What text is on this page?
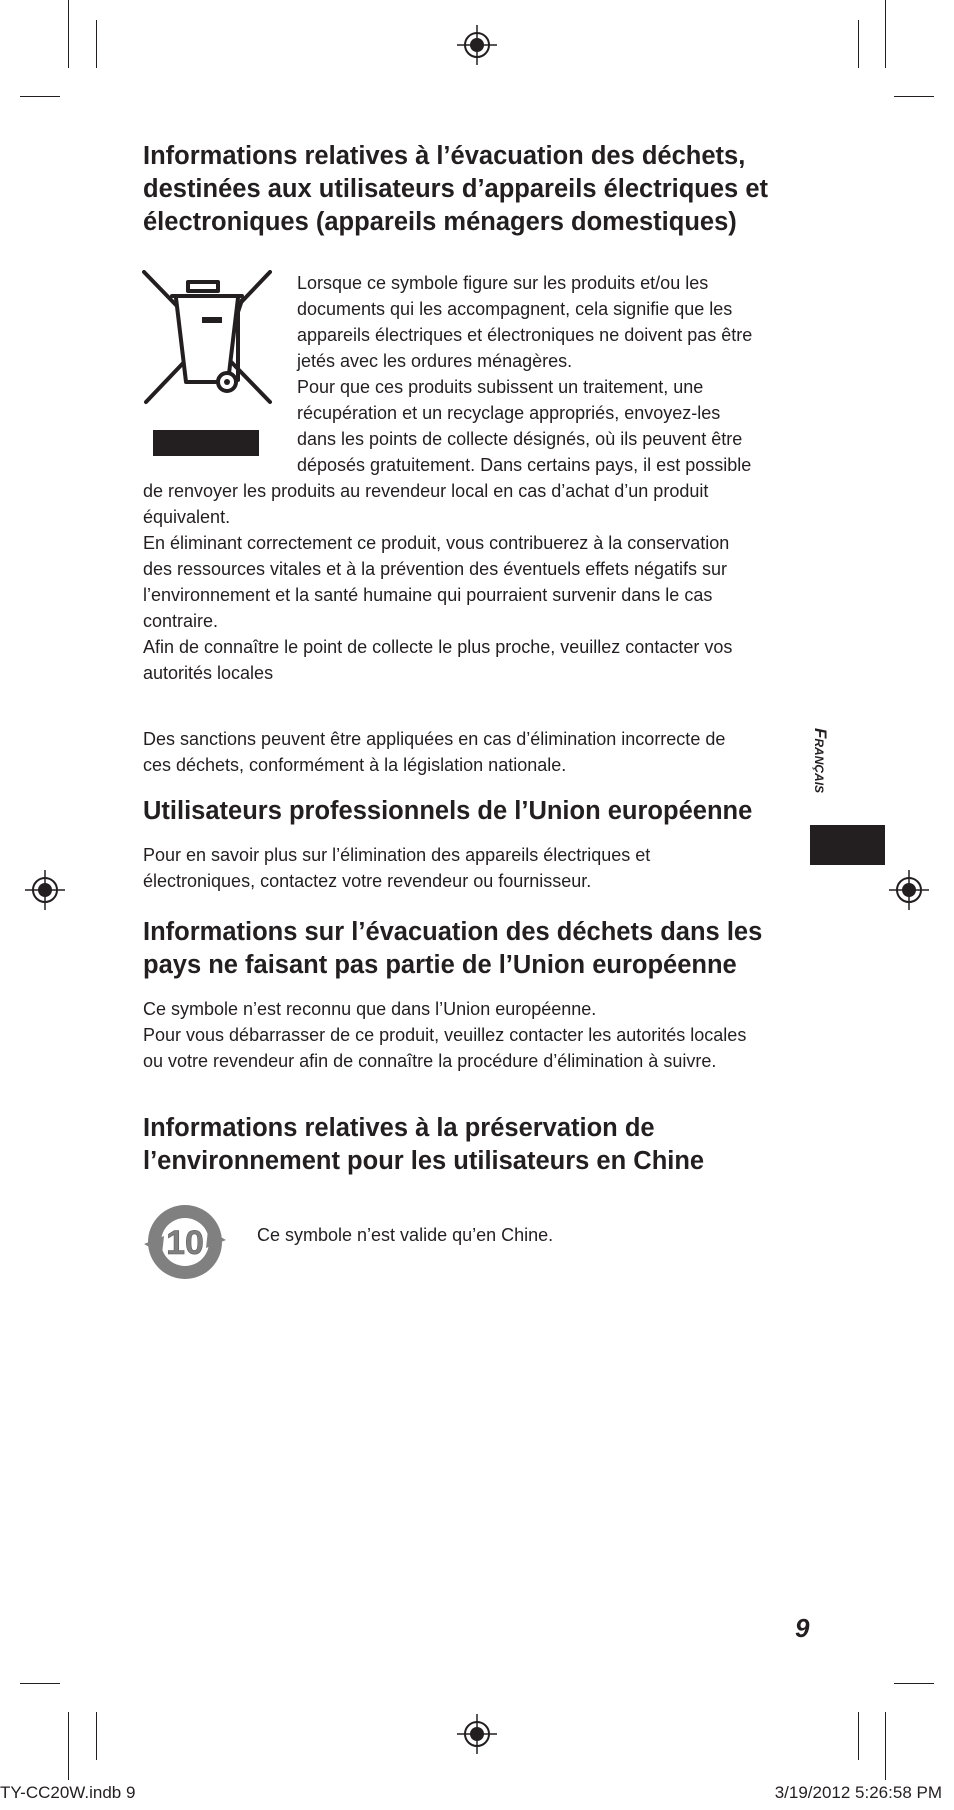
Informations relatives à l’évacuation des déchets,

destinées aux utilisateurs d’appareils électriques et

électroniques (appareils ménagers domestiques)

Lorsque ce symbole figure sur les produits et/ou les

documents qui les accompagnent, cela signifie que les

appareils électriques et électroniques ne doivent pas être

jetés avec les ordures ménagères.

Pour que ces produits subissent un traitement, une

récupération et un recyclage appropriés, envoyez-les

dans les points de collecte désignés, où ils peuvent être

déposés gratuitement. Dans certains pays, il est possible

de renvoyer les produits au revendeur local en cas d’achat d’un produit

équivalent.

En éliminant correctement ce produit, vous contribuerez à la conservation

des ressources vitales et à la prévention des éventuels effets négatifs sur

l’environnement et la santé humaine qui pourraient survenir dans le cas

contraire.

Afin de connaître le point de collecte le plus proche, veuillez contacter vos

autorités locales

Des sanctions peuvent être appliquées en cas d’élimination incorrecte de

ces déchets, conformément à la législation nationale.

Utilisateurs professionnels de l’Union européenne

Pour en savoir plus sur l’élimination des appareils électriques et

électroniques, contactez votre revendeur ou fournisseur.

Informations sur l’évacuation des déchets dans les

pays ne faisant pas partie de l’Union européenne

Ce symbole n’est reconnu que dans l’Union européenne.

Pour vous débarrasser de ce produit, veuillez contacter les autorités locales

ou votre revendeur afin de connaître la procédure d’élimination à suivre.

Informations relatives à la préservation de

l’environnement pour les utilisateurs en Chine

10	Ce symbole n’est valide qu’en Chine.

Français
9
TY-CC20W.indb 9	3/19/2012 5:26:58 PM
